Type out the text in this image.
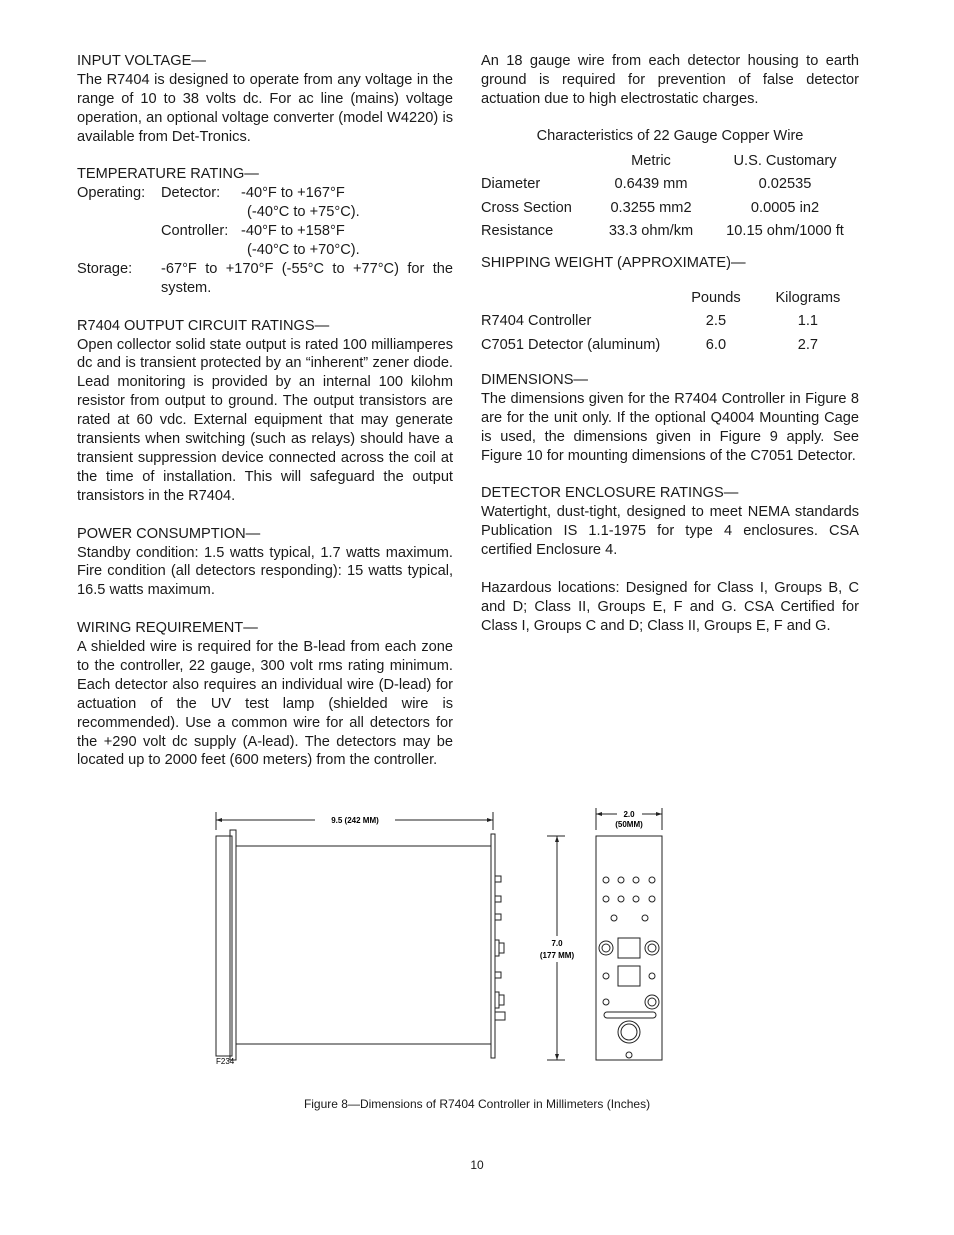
INPUT VOLTAGE—

The R7404 is designed to operate from any voltage in the range of 10 to 38 volts dc. For ac line (mains) voltage operation, an optional voltage converter (model W4220) is available from Det-Tronics.

TEMPERATURE RATING—
Operating:	Detector:	-40°F to +167°F
(-40°C to +75°C).
Controller: -40°F to +158°F
(-40°C to +70°C).
Storage:	-67°F to +170°F (-55°C to +77°C) for the system.

R7404 OUTPUT CIRCUIT RATINGS—

Open collector solid state output is rated 100 milliamperes dc and is transient protected by an “inherent” zener diode. Lead monitoring is provided by an internal 100 kilohm resistor from output to ground. The output transistors are rated at 60 vdc. External equipment that may generate transients when switching (such as relays) should have a transient suppression device connected across the coil at the time of installation. This will safeguard the output transistors in the R7404.

POWER CONSUMPTION—

Standby condition: 1.5 watts typical, 1.7 watts maximum. Fire condition (all detectors responding): 15 watts typical, 16.5 watts maximum.

WIRING REQUIREMENT—

A shielded wire is required for the B-lead from each zone to the controller, 22 gauge, 300 volt rms rating minimum. Each detector also requires an individual wire (D-lead) for actuation of the UV test lamp (shielded wire is recommended). Use a common wire for all detectors for the +290 volt dc supply (A-lead). The detectors may be located up to 2000 feet (600 meters) from the controller.

An 18 gauge wire from each detector housing to earth ground is required for prevention of false detector actuation due to high electrostatic charges.

Characteristics of 22 Gauge Copper Wire
	Metric	U.S. Customary
Diameter	0.6439 mm	0.02535
Cross Section	0.3255 mm2	0.0005 in2
Resistance	33.3 ohm/km	10.15 ohm/1000 ft
SHIPPING WEIGHT (APPROXIMATE)—
	Pounds	Kilograms
R7404 Controller	2.5	1.1
C7051 Detector (aluminum)	6.0	2.7
DIMENSIONS—

The dimensions given for the R7404 Controller in Figure 8 are for the unit only. If the optional Q4004 Mounting Cage is used, the dimensions given in Figure 9 apply. See Figure 10 for mounting dimensions of the C7051 Detector.

DETECTOR ENCLOSURE RATINGS—

Watertight, dust-tight, designed to meet NEMA standards Publication IS 1.1-1975 for type 4 enclosures. CSA certified Enclosure 4.

Hazardous locations: Designed for Class I, Groups B, C and D; Class II, Groups E, F and G. CSA Certified for Class I, Groups C and D; Class II, Groups E, F and G.

9.5 (242 MM)
7.0
(177 MM)
2.0
(50MM)
F234
Figure 8—Dimensions of R7404 Controller in Millimeters (Inches)
10
